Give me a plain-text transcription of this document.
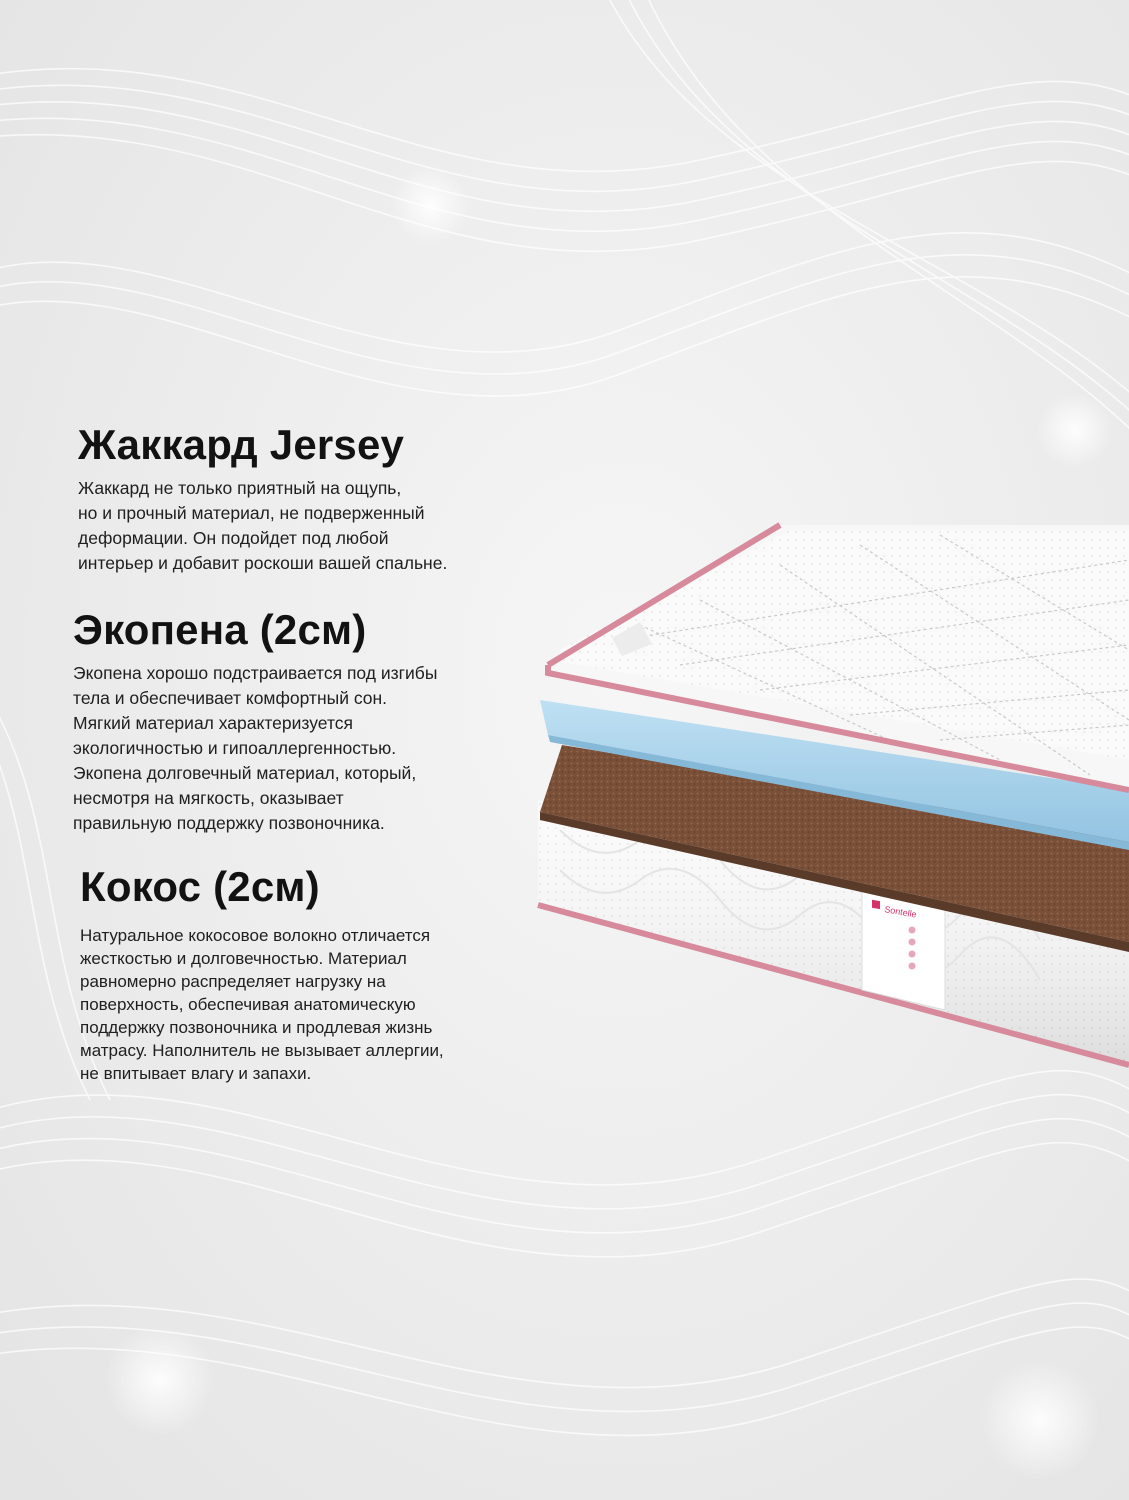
Жаккард Jersey

Жаккард не только приятный на ощупь,
но и прочный материал, не подверженный
деформации. Он подойдет под любой
интерьер и добавит роскоши вашей спальне.

Экопена (2см)

Экопена хорошо подстраивается под изгибы
тела и обеспечивает комфортный сон.
Мягкий материал характеризуется
экологичностью и гипоаллергенностью.
Экопена долговечный материал, который,
несмотря на мягкость, оказывает
правильную поддержку позвоночника.

Кокос (2см)

Натуральное кокосовое волокно отличается
жесткостью и долговечностью. Материал
равномерно распределяет нагрузку на
поверхность, обеспечивая анатомическую
поддержку позвоночника и продлевая жизнь
матрасу. Наполнитель не вызывает аллергии,
не впитывает влагу и запахи.

Sontelle
